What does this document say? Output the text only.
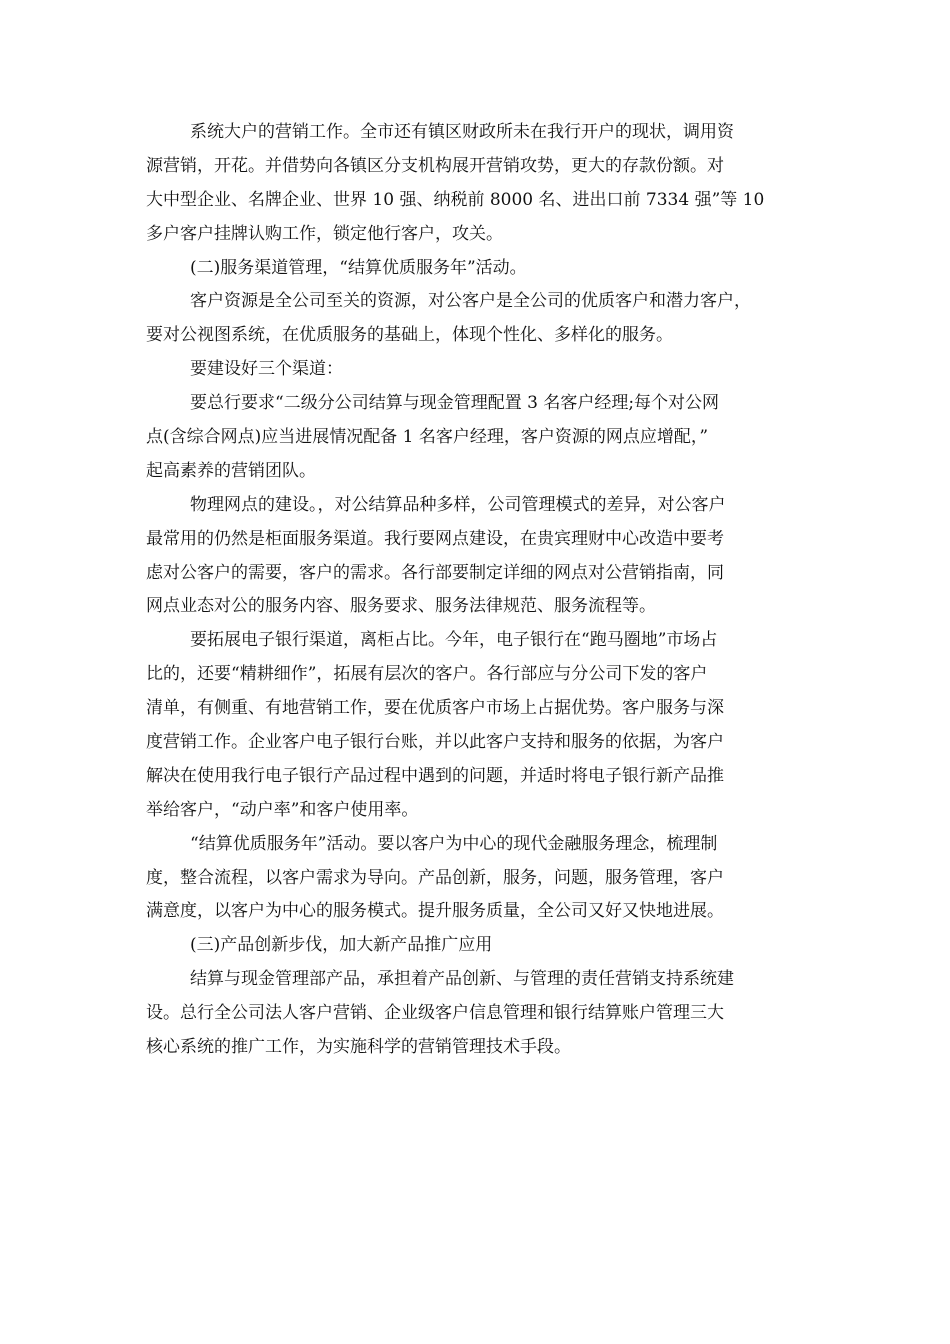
系统大户的营销工作。全市还有镇区财政所未在我行开户的现状，调用资
源营销，开花。并借势向各镇区分支机构展开营销攻势，更大的存款份额。对
大中型企业、名牌企业、世界 10 强、纳税前 8000 名、进出口前 7334 强”等 10
多户客户挂牌认购工作，锁定他行客户，攻关。
(二)服务渠道管理，“结算优质服务年”活动。
客户资源是全公司至关的资源，对公客户是全公司的优质客户和潜力客户，
要对公视图系统，在优质服务的基础上，体现个性化、多样化的服务。
要建设好三个渠道：
要总行要求“二级分公司结算与现金管理配置 3 名客户经理;每个对公网
点(含综合网点)应当进展情况配备 1 名客户经理，客户资源的网点应增配，”
起高素养的营销团队。
物理网点的建设。，对公结算品种多样，公司管理模式的差异，对公客户
最常用的仍然是柜面服务渠道。我行要网点建设，在贵宾理财中心改造中要考
虑对公客户的需要，客户的需求。各行部要制定详细的网点对公营销指南，同
网点业态对公的服务内容、服务要求、服务法律规范、服务流程等。
要拓展电子银行渠道，离柜占比。今年，电子银行在“跑马圈地”市场占
比的，还要“精耕细作”，拓展有层次的客户。各行部应与分公司下发的客户
清单，有侧重、有地营销工作，要在优质客户市场上占据优势。客户服务与深
度营销工作。企业客户电子银行台账，并以此客户支持和服务的依据，为客户
解决在使用我行电子银行产品过程中遇到的问题，并适时将电子银行新产品推
举给客户，“动户率”和客户使用率。
“结算优质服务年”活动。要以客户为中心的现代金融服务理念，梳理制
度，整合流程，以客户需求为导向。产品创新，服务，问题，服务管理，客户
满意度，以客户为中心的服务模式。提升服务质量，全公司又好又快地进展。
(三)产品创新步伐，加大新产品推广应用
结算与现金管理部产品，承担着产品创新、与管理的责任营销支持系统建
设。总行全公司法人客户营销、企业级客户信息管理和银行结算账户管理三大
核心系统的推广工作，为实施科学的营销管理技术手段。
